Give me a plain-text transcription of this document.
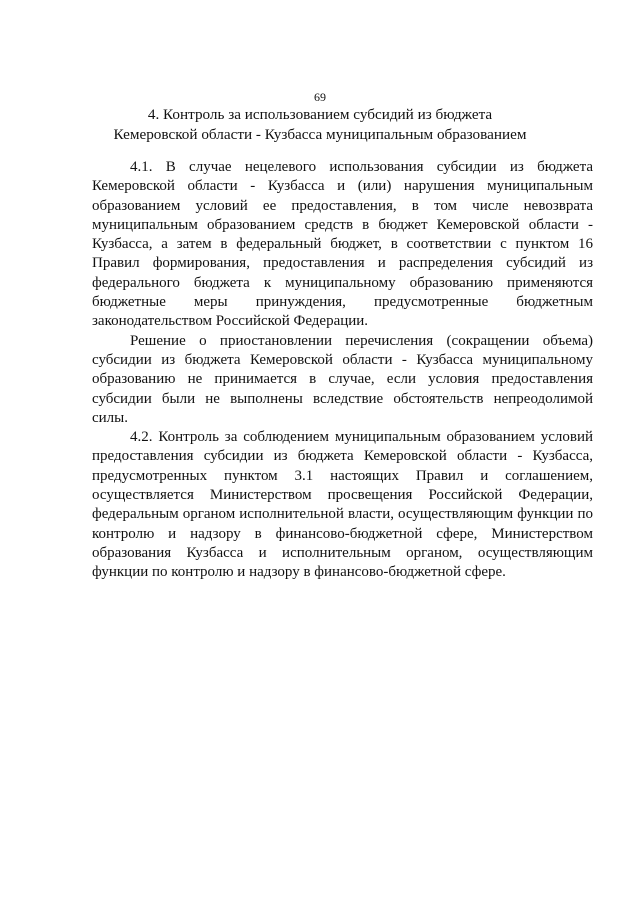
69
4. Контроль за использованием субсидий из бюджета
Кемеровской области - Кузбасса муниципальным образованием

4.1. В случае нецелевого использования субсидии из бюджета Кемеровской области - Кузбасса и (или) нарушения муниципальным образованием условий ее предоставления, в том числе невозврата муниципальным образованием средств в бюджет Кемеровской области - Кузбасса, а затем в федеральный бюджет, в соответствии с пунктом 16 Правил формирования, предоставления и распределения субсидий из федерального бюджета к муниципальному образованию применяются бюджетные меры принуждения, предусмотренные бюджетным законодательством Российской Федерации.

Решение о приостановлении перечисления (сокращении объема) субсидии из бюджета Кемеровской области - Кузбасса муниципальному образованию не принимается в случае, если условия предоставления субсидии были не выполнены вследствие обстоятельств непреодолимой силы.

4.2. Контроль за соблюдением муниципальным образованием условий предоставления субсидии из бюджета Кемеровской области - Кузбасса, предусмотренных пунктом 3.1 настоящих Правил и соглашением, осуществляется Министерством просвещения Российской Федерации, федеральным органом исполнительной власти, осуществляющим функции по контролю и надзору в финансово-бюджетной сфере, Министерством образования Кузбасса и исполнительным органом, осуществляющим функции по контролю и надзору в финансово-бюджетной сфере.
